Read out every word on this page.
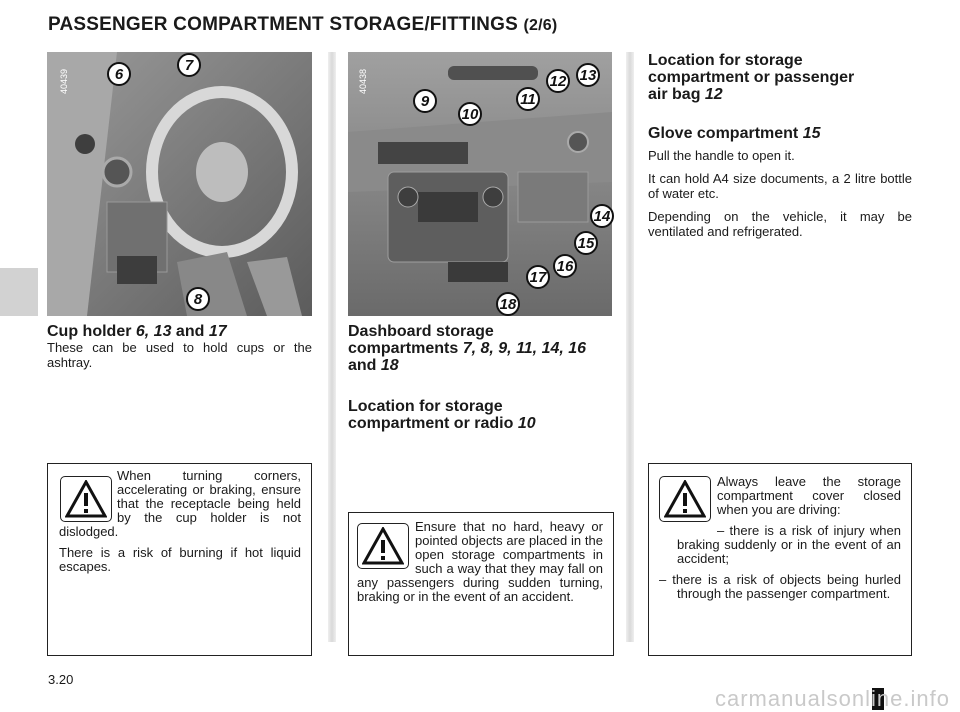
PASSENGER COMPARTMENT STORAGE/FITTINGS (2/6)
40439	6
7
8
40438
9
10
11
12 13
14
15
16
17
18
Cup holder 6, 13 and 17

These can be used to hold cups or the ashtray.

Dashboard storage
compartments 7, 8, 9, 11, 14, 16
and 18
Location for storage
compartment or radio 10
Location for storage
compartment or passenger
air bag 12
Glove compartment 15

Pull the handle to open it.

It can hold A4 size documents, a 2 litre bottle of water etc.

Depending on the vehicle, it may be ventilated and refrigerated.

3.20
carmanualsonline.info

When turning corners, accelerating or braking, ensure that the receptacle being held by the cup holder is not dislodged.

There is a risk of burning if hot liquid escapes.

Ensure that no hard, heavy or pointed objects are placed in the open storage compartments in such a way that they may fall on any passengers during sudden turning, braking or in the event of an accident.

Always leave the storage compartment cover closed when you are driving:

– there is a risk of injury when braking suddenly or in the event of an accident;

– there is a risk of objects being hurled through the passenger compartment.
